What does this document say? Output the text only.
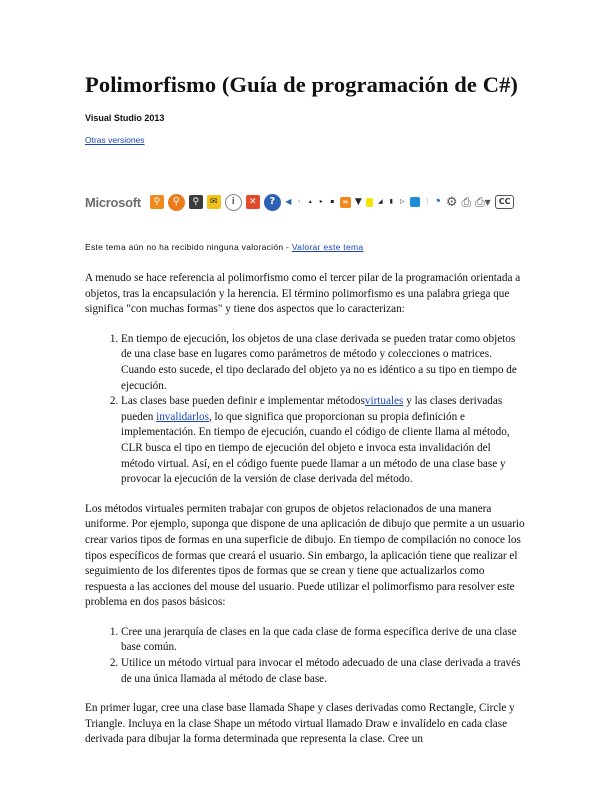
Polimorfismo (Guía de programación de C#)
Visual Studio 2013
Otras versiones
Microsoft	⚲	⚲	⚲	✉	i	✕	?	◀	›	▴	▸	▪	≈ ▼	◢	▮	▷	|	⚑ ⚙ ⎙ ⎙▾	CC
Este tema aún no ha recibido ninguna valoración - Valorar este tema

A menudo se hace referencia al polimorfismo como el tercer pilar de la programación orientada a objetos, tras la encapsulación y la herencia. El término polimorfismo es una palabra griega que significa "con muchas formas" y tiene dos aspectos que lo caracterizan:

1. En tiempo de ejecución, los objetos de una clase derivada se pueden tratar como objetos de una clase base en lugares como parámetros de método y colecciones o matrices. Cuando esto sucede, el tipo declarado del objeto ya no es idéntico a su tipo en tiempo de ejecución.
2. Las clases base pueden definir e implementar métodosvirtuales y las clases derivadas pueden invalidarlos, lo que significa que proporcionan su propia definición e implementación. En tiempo de ejecución, cuando el código de cliente llama al método, CLR busca el tipo en tiempo de ejecución del objeto e invoca esta invalidación del método virtual. Así, en el código fuente puede llamar a un método de una clase base y provocar la ejecución de la versión de clase derivada del método.

Los métodos virtuales permiten trabajar con grupos de objetos relacionados de una manera uniforme. Por ejemplo, suponga que dispone de una aplicación de dibujo que permite a un usuario crear varios tipos de formas en una superficie de dibujo. En tiempo de compilación no conoce los tipos específicos de formas que creará el usuario. Sin embargo, la aplicación tiene que realizar el seguimiento de los diferentes tipos de formas que se crean y tiene que actualizarlos como respuesta a las acciones del mouse del usuario. Puede utilizar el polimorfismo para resolver este problema en dos pasos básicos:

1. Cree una jerarquía de clases en la que cada clase de forma específica derive de una clase base común.
2. Utilice un método virtual para invocar el método adecuado de una clase derivada a través de una única llamada al método de clase base.

En primer lugar, cree una clase base llamada Shape y clases derivadas como Rectangle, Circle y Triangle. Incluya en la clase Shape un método virtual llamado Draw e invalídelo en cada clase derivada para dibujar la forma determinada que representa la clase. Cree un
